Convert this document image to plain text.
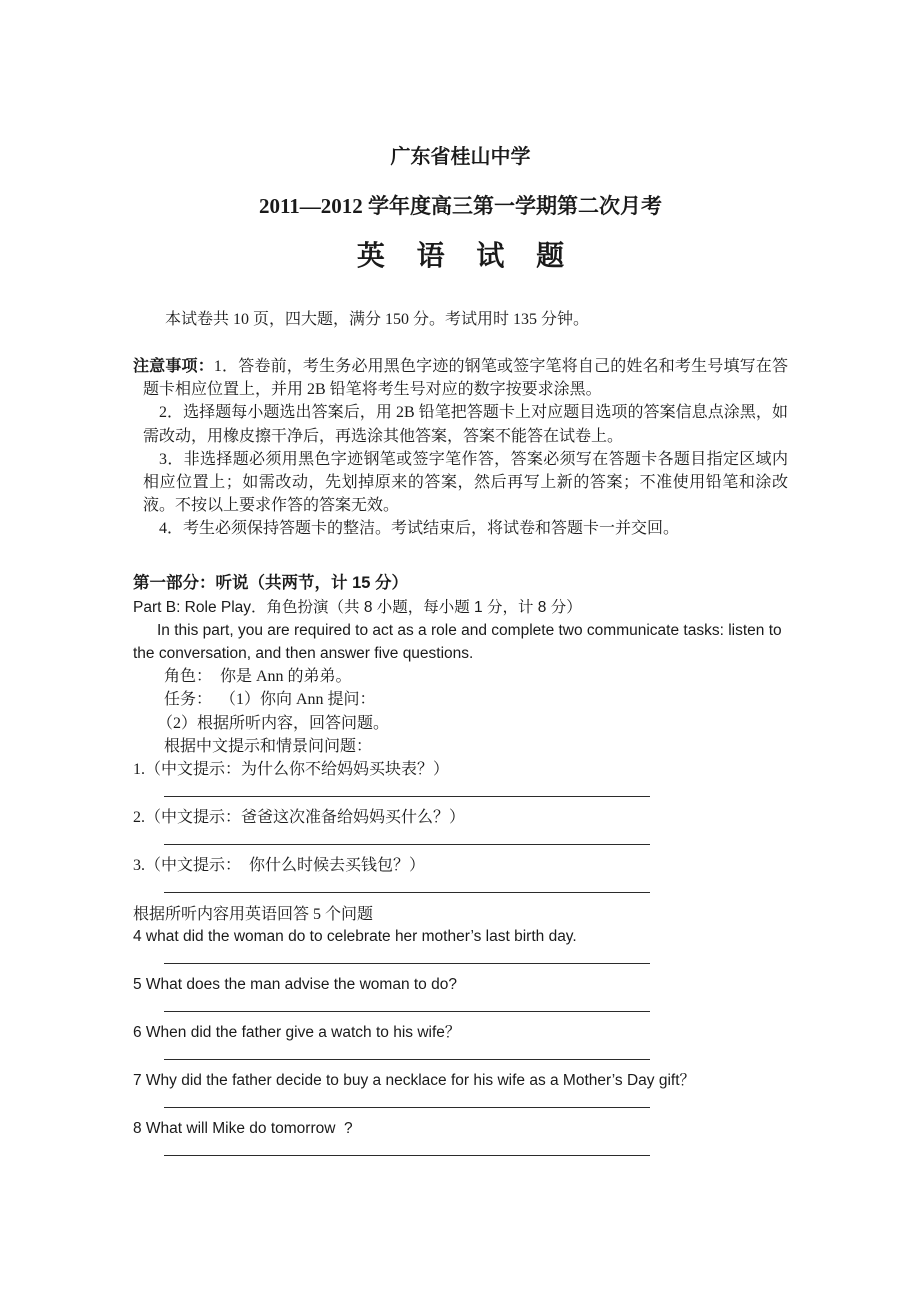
广东省桂山中学
2011—2012 学年度高三第一学期第二次月考
英 语 试 题

本试卷共 10 页，四大题，满分 150 分。考试用时 135 分钟。

注意事项：1．答卷前，考生务必用黑色字迹的钢笔或签字笔将自己的姓名和考生号填写在答题卡相应位置上，并用 2B 铅笔将考生号对应的数字按要求涂黑。

2．选择题每小题选出答案后，用 2B 铅笔把答题卡上对应题目选项的答案信息点涂黑，如需改动，用橡皮擦干净后，再选涂其他答案，答案不能答在试卷上。

3．非选择题必须用黑色字迹钢笔或签字笔作答，答案必须写在答题卡各题目指定区域内相应位置上；如需改动，先划掉原来的答案，然后再写上新的答案；不准使用铅笔和涂改液。不按以上要求作答的答案无效。

4．考生必须保持答题卡的整洁。考试结束后，将试卷和答题卡一并交回。

第一部分：听说（共两节，计 15 分）

Part B: Role Play．角色扮演（共 8 小题，每小题 1 分，计 8 分）

In this part, you are required to act as a role and complete two communicate tasks: listen to the conversation, and then answer five questions.

角色：  你是 Ann 的弟弟。

任务：  （1）你向 Ann 提问：

（2）根据所听内容，回答问题。

根据中文提示和情景问问题：

1.（中文提示：为什么你不给妈妈买块表？）
2.（中文提示：爸爸这次准备给妈妈买什么？）
3.（中文提示：  你什么时候去买钱包？）

根据所听内容用英语回答 5 个问题

4 what did the woman do to celebrate her mother’s last birth day.
5 What does the man advise the woman to do?
6 When did the father give a watch to his wife？
7 Why did the father decide to buy a necklace for his wife as a Mother’s Day gift？
8 What will Mike do tomorrow  ?
